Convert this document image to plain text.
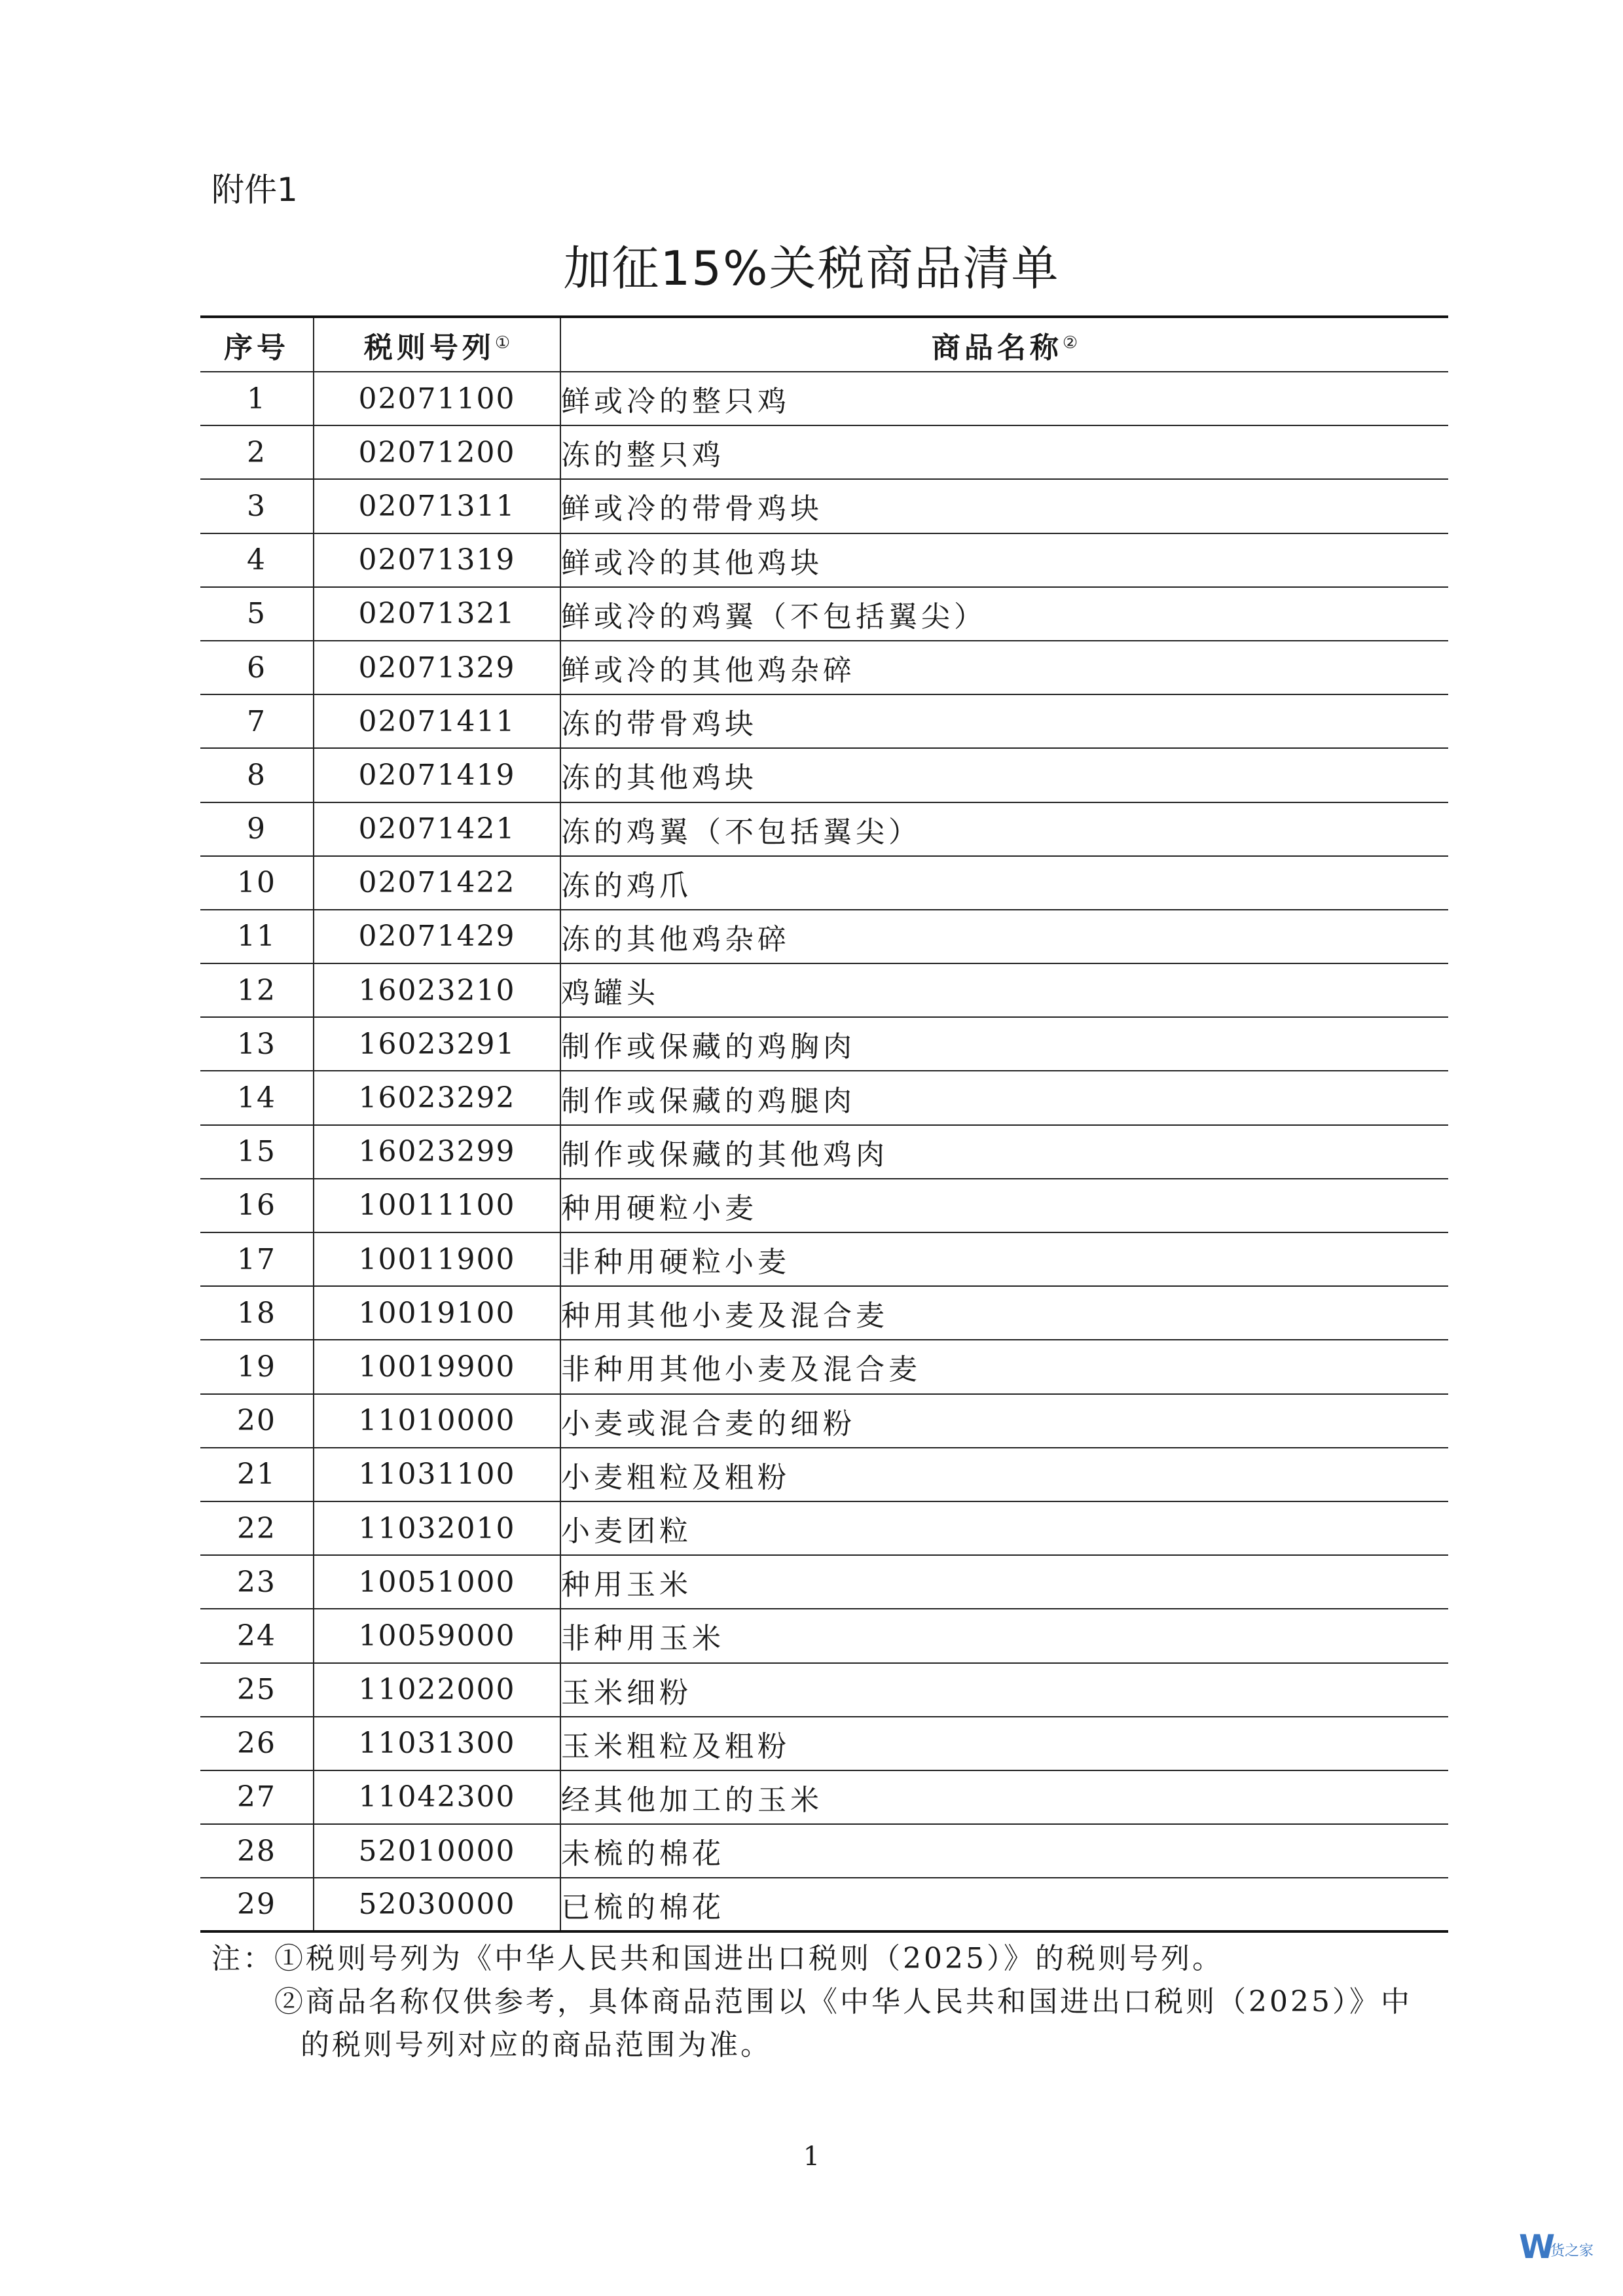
附件1
加征15%关税商品清单
序号	税则号列①	商品名称②
1	02071100	鲜或冷的整只鸡
2	02071200	冻的整只鸡
3	02071311	鲜或冷的带骨鸡块
4	02071319	鲜或冷的其他鸡块
5	02071321	鲜或冷的鸡翼（不包括翼尖）
6	02071329	鲜或冷的其他鸡杂碎
7	02071411	冻的带骨鸡块
8	02071419	冻的其他鸡块
9	02071421	冻的鸡翼（不包括翼尖）
10	02071422	冻的鸡爪
11	02071429	冻的其他鸡杂碎
12	16023210	鸡罐头
13	16023291	制作或保藏的鸡胸肉
14	16023292	制作或保藏的鸡腿肉
15	16023299	制作或保藏的其他鸡肉
16	10011100	种用硬粒小麦
17	10011900	非种用硬粒小麦
18	10019100	种用其他小麦及混合麦
19	10019900	非种用其他小麦及混合麦
20	11010000	小麦或混合麦的细粉
21	11031100	小麦粗粒及粗粉
22	11032010	小麦团粒
23	10051000	种用玉米
24	10059000	非种用玉米
25	11022000	玉米细粉
26	11031300	玉米粗粒及粗粉
27	11042300	经其他加工的玉米
28	52010000	未梳的棉花
29	52030000	已梳的棉花
注：①税则号列为《中华人民共和国进出口税则（2025）》的税则号列。
②商品名称仅供参考，具体商品范围以《中华人民共和国进出口税则（2025）》中
的税则号列对应的商品范围为准。
1
W
货之家
